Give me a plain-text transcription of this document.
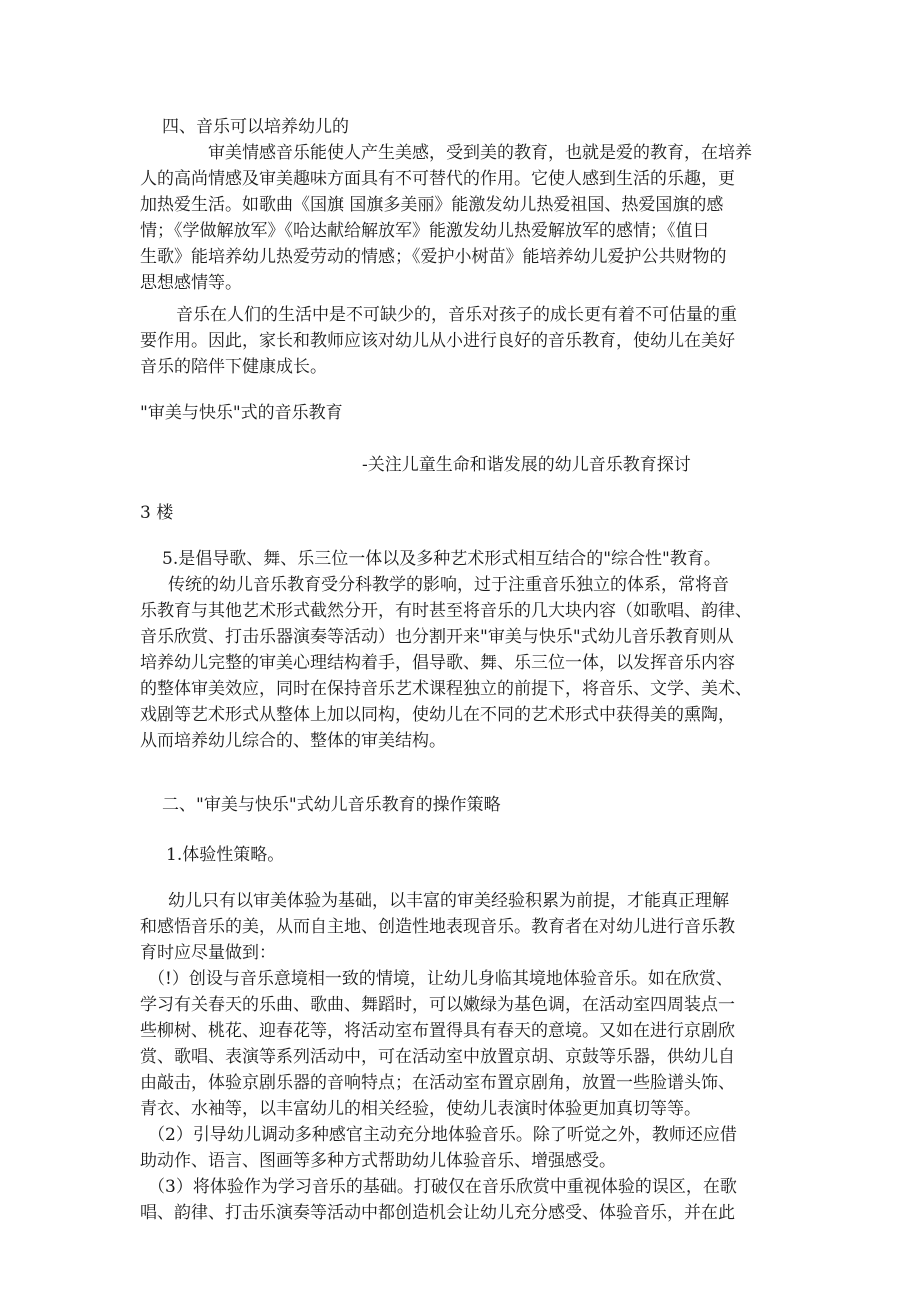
四、音乐可以培养幼儿的

审美情感音乐能使人产生美感，受到美的教育，也就是爱的教育，在培养
人的高尚情感及审美趣味方面具有不可替代的作用。它使人感到生活的乐趣，更
加热爱生活。如歌曲《国旗 国旗多美丽》能激发幼儿热爱祖国、热爱国旗的感
情；《学做解放军》《哈达献给解放军》能激发幼儿热爱解放军的感情；《值日
生歌》能培养幼儿热爱劳动的情感；《爱护小树苗》能培养幼儿爱护公共财物的
思想感情等。

音乐在人们的生活中是不可缺少的，音乐对孩子的成长更有着不可估量的重
要作用。因此，家长和教师应该对幼儿从小进行良好的音乐教育，使幼儿在美好
音乐的陪伴下健康成长。

"审美与快乐"式的音乐教育

-关注儿童生命和谐发展的幼儿音乐教育探讨

3 楼

5.是倡导歌、舞、乐三位一体以及多种艺术形式相互结合的"综合性"教育。

传统的幼儿音乐教育受分科教学的影响，过于注重音乐独立的体系，常将音
乐教育与其他艺术形式截然分开，有时甚至将音乐的几大块内容（如歌唱、韵律、
音乐欣赏、打击乐器演奏等活动）也分割开来"审美与快乐"式幼儿音乐教育则从
培养幼儿完整的审美心理结构着手，倡导歌、舞、乐三位一体，以发挥音乐内容
的整体审美效应，同时在保持音乐艺术课程独立的前提下，将音乐、文学、美术、
戏剧等艺术形式从整体上加以同构，使幼儿在不同的艺术形式中获得美的熏陶，
从而培养幼儿综合的、整体的审美结构。

二、"审美与快乐"式幼儿音乐教育的操作策略

1.体验性策略。

幼儿只有以审美体验为基础，以丰富的审美经验积累为前提，才能真正理解
和感悟音乐的美，从而自主地、创造性地表现音乐。教育者在对幼儿进行音乐教
育时应尽量做到：

（!）创设与音乐意境相一致的情境，让幼儿身临其境地体验音乐。如在欣赏、
学习有关春天的乐曲、歌曲、舞蹈时，可以嫩绿为基色调，在活动室四周装点一
些柳树、桃花、迎春花等，将活动室布置得具有春天的意境。又如在进行京剧欣
赏、歌唱、表演等系列活动中，可在活动室中放置京胡、京鼓等乐器，供幼儿自
由敲击，体验京剧乐器的音响特点；在活动室布置京剧角，放置一些脸谱头饰、
青衣、水袖等，以丰富幼儿的相关经验，使幼儿表演时体验更加真切等等。

（2）引导幼儿调动多种感官主动充分地体验音乐。除了听觉之外，教师还应借
助动作、语言、图画等多种方式帮助幼儿体验音乐、增强感受。

（3）将体验作为学习音乐的基础。打破仅在音乐欣赏中重视体验的误区，在歌
唱、韵律、打击乐演奏等活动中都创造机会让幼儿充分感受、体验音乐，并在此
